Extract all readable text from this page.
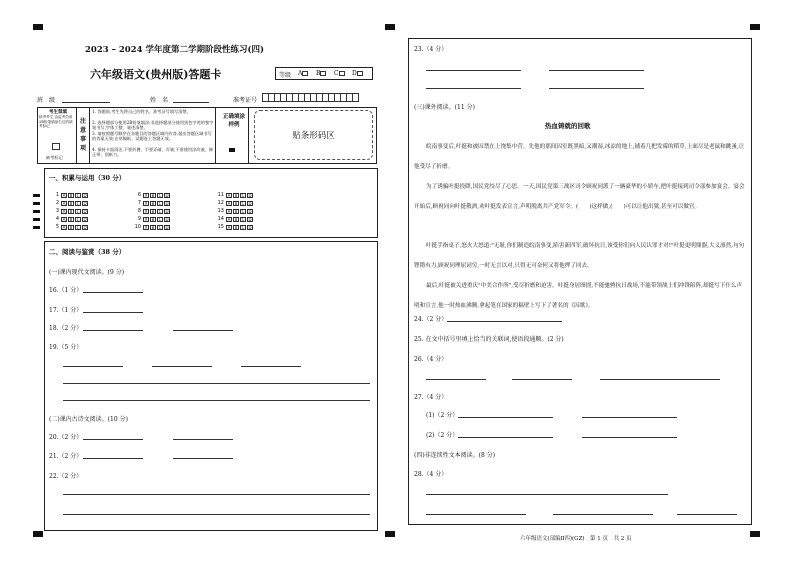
2023 – 2024 学年度第二学期阶段性练习(四)
六年级语文(贵州版)答题卡	等级 A	B	C	D
班　级	姓　名	准考证号
考生禁填
缺考考生,由监考员用2B铅笔填涂右边的缺考标记
缺考标记
注意事项
1. 答题前,考生先将自己的姓名、准考证号填写清楚。
2. 选择题部分使用2B铅笔填涂;非选择题部分使用黑色字迹的签字笔书写,字体工整、笔迹清楚。
3. 请按照题号顺序在各题目的答题区域内作答,超出答题区域书写的答案无效;在草稿纸、试题卷上答题无效。
4. 保持卡面清洁,不要折叠、不要弄破、弄皱,不准使用涂改液、修正带、刮纸刀。
正确填涂样例
贴条形码区
一、积累与运用（30 分）
1 A B C D
2 A B C D
3 A B C D
4 A B C D
5 A B C D
6 A B C D
7 A B C D
8 A B C D
9 A B C D
10 A B C D
11 A B C D
12 A B C D
13 A B C D
14 A B C D
15 A B C D
二、阅读与鉴赏（38 分）
(一)课内现代文阅读。(9 分)
16.（1 分）
17.（1 分）
18.（2 分）
19.（5 分）
(二)课内古诗文阅读。(10 分)
20.（2 分）
21.（2 分）
22.（2 分）
23.（4 分）
(三)课外阅读。(11 分)
热血铸就的回歌
皖南事变后,叶挺和被囚禁在上饶集中营。先他的那间囚室既黑暗,又潮湿,冰凉的地上,铺着几把发霉的稻草,上面尽是老鼠和跳蚤,让他受尽了折磨。
为了诱骗叶挺投降,国民党绞尽了心思。一天,国民党第三战区司令顾祝同派了一辆豪华的小轿车,把叶挺接到司令部参加宴会。宴会开始后,顾祝同向叶挺敬酒,劝叶挺发表宣言,声明脱离共产党军令。(　　)这样做,(　　)可以让他出狱,甚至可以做官。
叶挺手指桌子,怒火大怒道:"无耻,你们制造皖南事变,陷害新四军,破坏抗日,该受你们向人民认罪才对!"叶挺更明鼎器,大义凛然,句句铿锵有力,顾祝同理屈词穷,一时无言以对,只得无可奈何又将他押了回去。
最后,叶挺被关进重庆"中美合作所",受尽折磨和迫害。叶挺身居囹圄,不能驰骋抗日战场,不能带领战士们冲锋陷阵,却挺写下什么声明和宣言,他一时热血沸腾,拿起笔在国家的稿壁上写下了著名的《囚歌》。
24.（2 分）
25. 在文中括号里填上恰当的关联词,使语段通顺。(2 分)
26.（4 分）
27.（4 分）
(1)（2 分）
(2)（2 分）
(四)非连续性文本阅读。(8 分)
28.（4 分）
六年级语文(部编Ⅱ四)(GZ)　第 1 页　共 2 页
